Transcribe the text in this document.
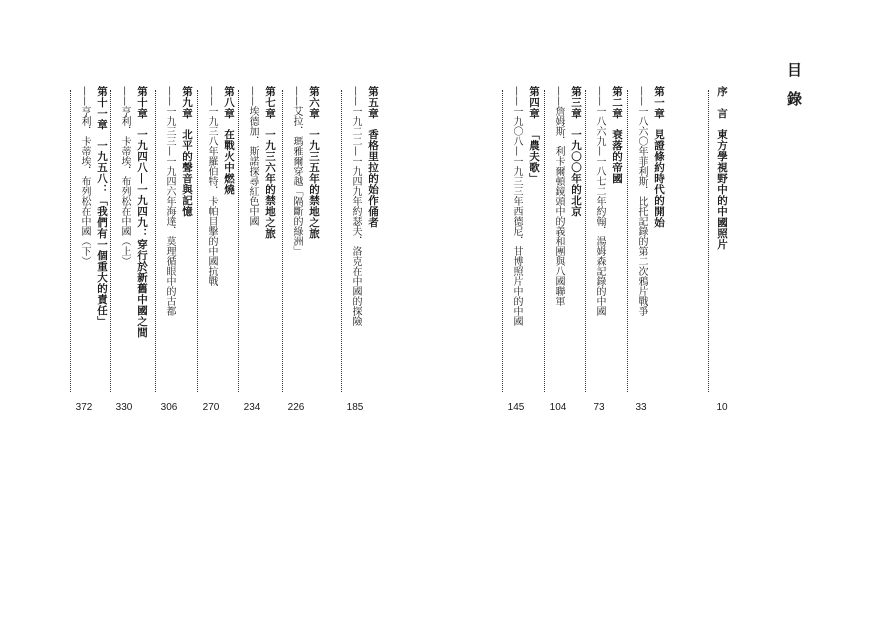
目錄
序　言東方學視野中的中國照片
10
第一章見證條約時代的開始
——一八六〇年菲利斯．比托記錄的第二次鴉片戰爭
33
第二章衰落的帝國
——一八六九—一八七二年約翰．湯姆森記錄的中國
73
第三章一九〇〇年的北京
——詹姆斯．利卡爾頓鏡頭中的義和團與八國聯軍
104
第四章「農夫歌」
——一九〇八—一九三三年西德尼．甘博照片中的中國
145
第五章香格里拉的始作俑者
——一九二二—一九四九年約瑟夫．洛克在中國的探險
185
第六章一九三五年的禁地之旅
——艾拉．瑪雅爾穿越「隔斷的綠洲」
226
第七章一九三六年的禁地之旅
——埃德加．斯諾探尋紅色中國
234
第八章在戰火中燃燒
——一九三八年羅伯特．卡帕目擊的中國抗戰
270
第九章北平的聲音與記憶
——一九三三—一九四六年海達．莫理循眼中的古都
306
第十章一九四八—一九四九：穿行於新舊中國之間
——亨利．卡蒂埃．布列松在中國（上）
330
第十一章一九五八：「我們有一個重大的責任」
——亨利．卡蒂埃．布列松在中國（下）
372
